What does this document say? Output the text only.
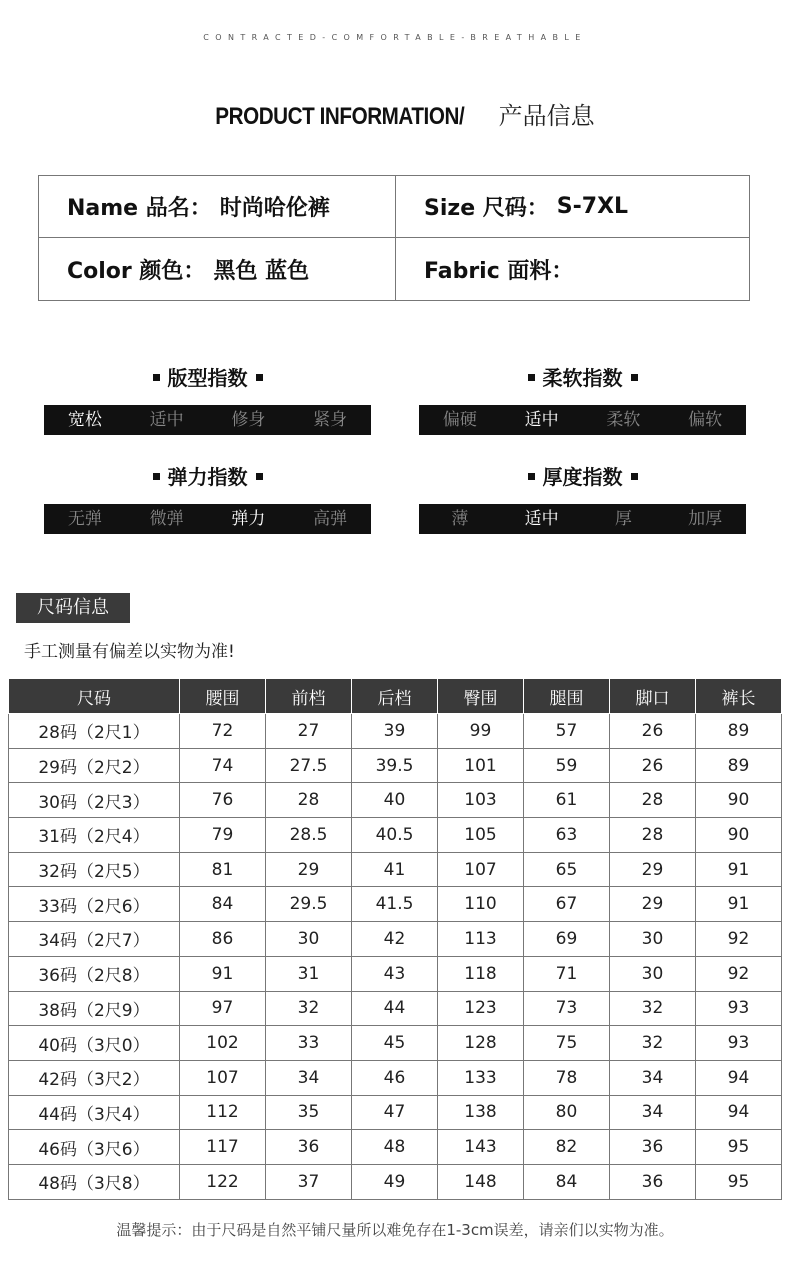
CONTRACTED-COMFORTABLE-BREATHABLE
PRODUCT INFORMATION/ 产品信息
Name 品名： 时尚哈伦裤	Size 尺码： S-7XL
Color 颜色： 黑色 蓝色	Fabric 面料：
版型指数
宽松	适中	修身	紧身
柔软指数
偏硬	适中	柔软	偏软
弹力指数
无弹	微弹	弹力	高弹
厚度指数
薄	适中	厚	加厚
尺码信息
手工测量有偏差以实物为准!
尺码	腰围	前档	后档	臀围	腿围	脚口	裤长
28码（2尺1）	72	27	39	99	57	26	89
29码（2尺2）	74	27.5	39.5	101	59	26	89
30码（2尺3）	76	28	40	103	61	28	90
31码（2尺4）	79	28.5	40.5	105	63	28	90
32码（2尺5）	81	29	41	107	65	29	91
33码（2尺6）	84	29.5	41.5	110	67	29	91
34码（2尺7）	86	30	42	113	69	30	92
36码（2尺8）	91	31	43	118	71	30	92
38码（2尺9）	97	32	44	123	73	32	93
40码（3尺0）	102	33	45	128	75	32	93
42码（3尺2）	107	34	46	133	78	34	94
44码（3尺4）	112	35	47	138	80	34	94
46码（3尺6）	117	36	48	143	82	36	95
48码（3尺8）	122	37	49	148	84	36	95
温馨提示：由于尺码是自然平铺尺量所以难免存在1-3cm误差，请亲们以实物为准。
